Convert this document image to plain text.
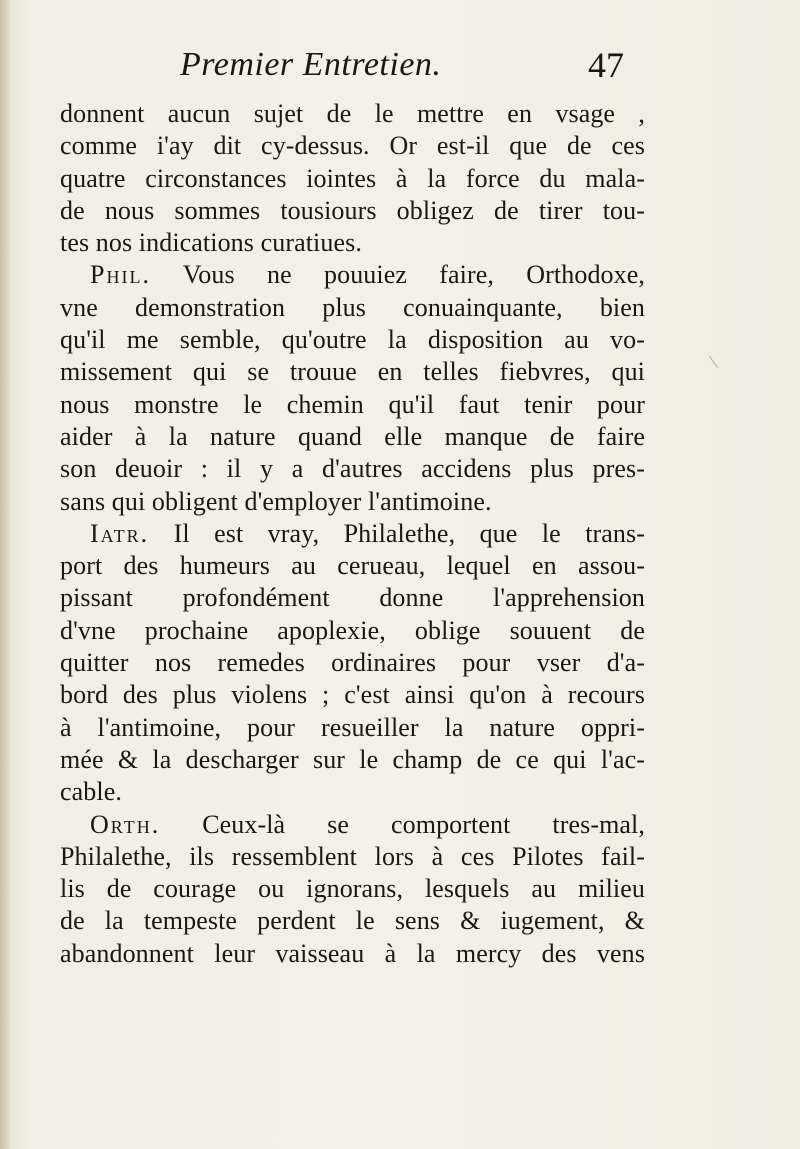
Premier Entretien.	47
donnent aucun sujet de le mettre en vsage ,
comme i'ay dit cy-dessus. Or est-il que de ces
quatre circonstances iointes à la force du mala-
de nous sommes tousiours obligez de tirer tou-
tes nos indications curatiues.
Phil. Vous ne pouuiez faire, Orthodoxe,
vne demonstration plus conuainquante, bien
qu'il me semble, qu'outre la disposition au vo-
missement qui se trouue en telles fiebvres, qui
nous monstre le chemin qu'il faut tenir pour
aider à la nature quand elle manque de faire
son deuoir : il y a d'autres accidens plus pres-
sans qui obligent d'employer l'antimoine.
Iatr. Il est vray, Philalethe, que le trans-
port des humeurs au cerueau, lequel en assou-
pissant profondément donne l'apprehension
d'vne prochaine apoplexie, oblige souuent de
quitter nos remedes ordinaires pour vser d'a-
bord des plus violens ; c'est ainsi qu'on à recours
à l'antimoine, pour resueiller la nature oppri-
mée & la descharger sur le champ de ce qui l'ac-
cable.
Orth. Ceux-là se comportent tres-mal,
Philalethe, ils ressemblent lors à ces Pilotes fail-
lis de courage ou ignorans, lesquels au milieu
de la tempeste perdent le sens & iugement, &
abandonnent leur vaisseau à la mercy des vens
